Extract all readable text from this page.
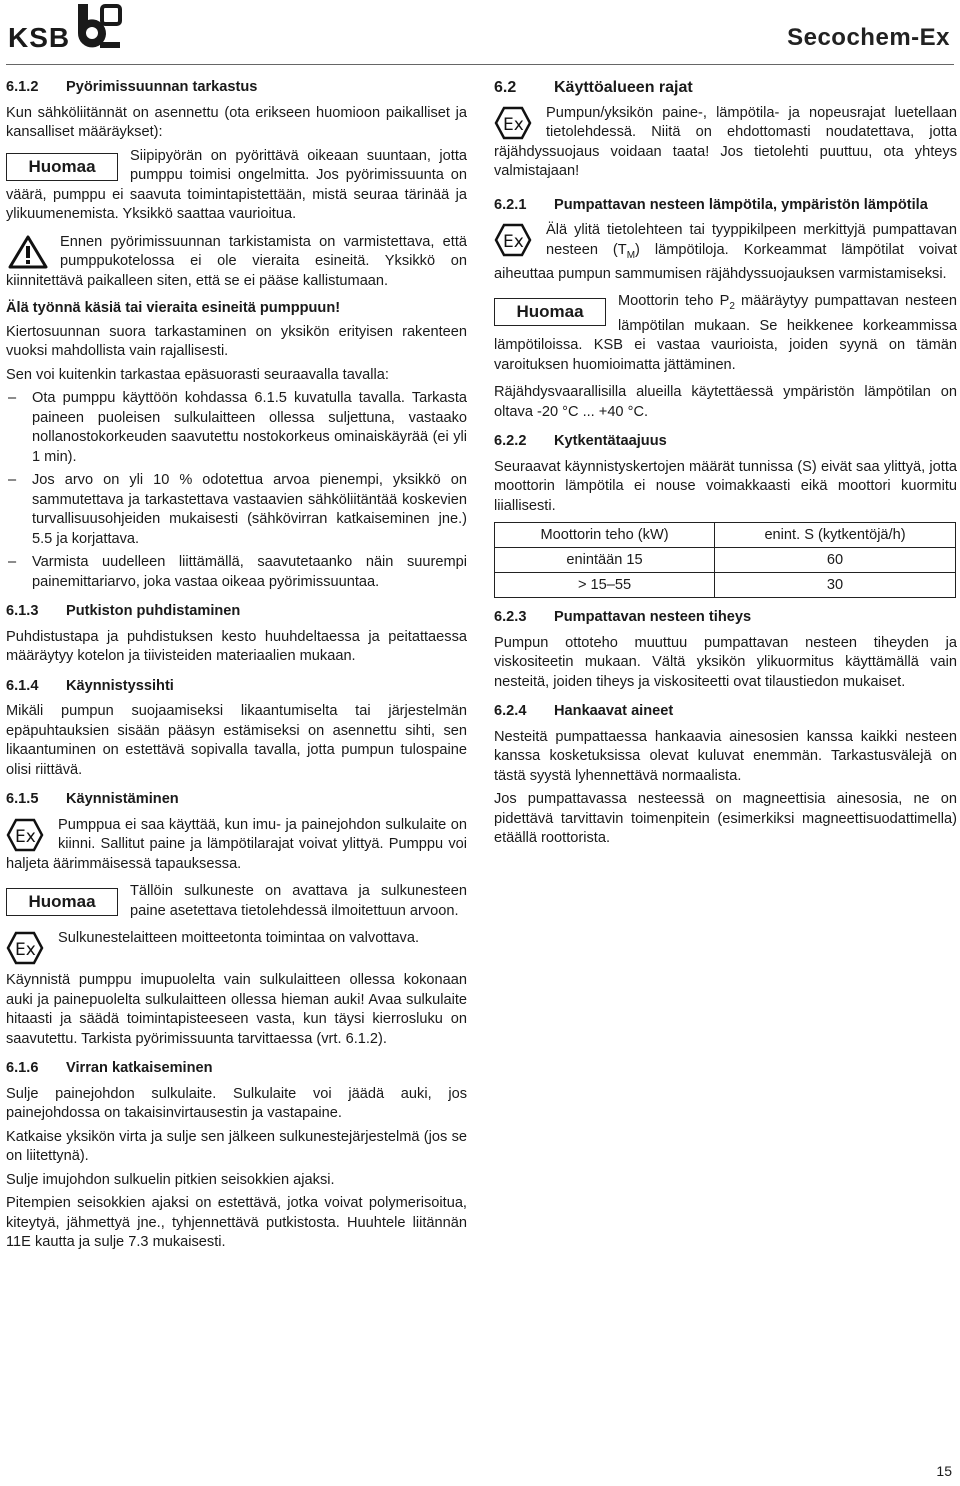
KSB	Secochem-Ex
6.1.2	Pyörimissuunnan tarkastus

Kun sähköliitännät on asennettu (ota erikseen huomioon paikalliset ja kansalliset määräykset):

Huomaa

Siipipyörän on pyörittävä oikeaan suuntaan, jotta pumppu toimisi ongelmitta. Jos pyörimissuunta on väärä, pumppu ei saavuta toimintapistettään, mistä seuraa tärinää ja ylikuumenemista. Yksikkö saattaa vaurioitua.

Ennen pyörimissuunnan tarkistamista on varmistettava, että pumppukotelossa ei ole vieraita esineitä. Yksikkö on kiinnitettävä paikalleen siten, että se ei pääse kallistumaan.

Älä työnnä käsiä tai vieraita esineitä pumppuun!

Kiertosuunnan suora tarkastaminen on yksikön erityisen rakenteen vuoksi mahdollista vain rajallisesti.

Sen voi kuitenkin tarkastaa epäsuorasti seuraavalla tavalla:

– Ota pumppu käyttöön kohdassa 6.1.5 kuvatulla tavalla. Tarkasta paineen puoleisen sulkulaitteen ollessa suljettuna, vastaako nollanostokorkeuden saavutettu nostokorkeus ominaiskäyrää (ei yli 1 min).
– Jos arvo on yli 10 % odotettua arvoa pienempi, yksikkö on sammutettava ja tarkastettava vastaavien sähköliitäntää koskevien turvallisuusohjeiden mukaisesti (sähkövirran katkaiseminen jne.) 5.5 ja korjattava.
– Varmista uudelleen liittämällä, saavutetaanko näin suurempi painemittariarvo, joka vastaa oikeaa pyörimissuuntaa.
6.1.3	Putkiston puhdistaminen

Puhdistustapa ja puhdistuksen kesto huuhdeltaessa ja peitattaessa määräytyy kotelon ja tiivisteiden materiaalien mukaan.

6.1.4	Käynnistyssihti

Mikäli pumpun suojaamiseksi likaantumiselta tai järjestelmän epäpuhtauksien sisään pääsyn estämiseksi on asennettu sihti, sen likaantuminen on estettävä sopivalla tavalla, jotta pumpun tulospaine olisi riittävä.

6.1.5	Käynnistäminen
Ex

Pumppua ei saa käyttää, kun imu- ja painejohdon sulkulaite on kiinni. Sallitut paine ja lämpötilarajat voivat ylittyä. Pumppu voi haljeta äärimmäisessä tapauksessa.

Huomaa

Tällöin sulkuneste on avattava ja sulkunesteen paine asetettava tietolehdessä ilmoitettuun arvoon.

Ex

Sulkunestelaitteen moitteetonta toimintaa on valvottava.

Käynnistä pumppu imupuolelta vain sulkulaitteen ollessa kokonaan auki ja painepuolelta sulkulaitteen ollessa hieman auki! Avaa sulkulaite hitaasti ja säädä toimintapisteeseen vasta, kun täysi kierrosluku on saavutettu. Tarkista pyörimissuunta tarvittaessa (vrt. 6.1.2).

6.1.6	Virran katkaiseminen

Sulje painejohdon sulkulaite. Sulkulaite voi jäädä auki, jos painejohdossa on takaisinvirtausestin ja vastapaine.

Katkaise yksikön virta ja sulje sen jälkeen sulkunestejärjestelmä (jos se on liitettynä).

Sulje imujohdon sulkuelin pitkien seisokkien ajaksi.

Pitempien seisokkien ajaksi on estettävä, jotka voivat polymerisoitua, kiteytyä, jähmettyä jne., tyhjennettävä putkistosta. Huuhtele liitännän 11E kautta ja sulje 7.3 mukaisesti.

6.2	Käyttöalueen rajat
Ex

Pumpun/yksikön paine-, lämpötila- ja nopeusrajat luetellaan tietolehdessä. Niitä on ehdottomasti noudatettava, jotta räjähdyssuojaus voidaan taata! Jos tietolehti puuttuu, ota yhteys valmistajaan!

6.2.1	Pumpattavan nesteen lämpötila, ympäristön lämpötila
Ex

Älä ylitä tietolehteen tai tyyppikilpeen merkittyjä pumpattavan nesteen $(T_M)$ lämpötiloja. Korkeammat lämpötilat voivat aiheuttaa pumpun sammumisen räjähdyssuojauksen varmistamiseksi.

Huomaa

Moottorin teho $P_2$ määräytyy pumpattavan nesteen lämpötilan mukaan. Se heikkenee korkeammissa lämpötiloissa. KSB ei vastaa vaurioista, joiden syynä on tämän varoituksen huomioimatta jättäminen.

Räjähdysvaarallisilla alueilla käytettäessä ympäristön lämpötilan on oltava -20 °C ... +40 °C.

6.2.2	Kytkentätaajuus

Seuraavat käynnistyskertojen määrät tunnissa (S) eivät saa ylittyä, jotta moottorin lämpötila ei nouse voimakkaasti eikä moottori kuormitu liiallisesti.

Moottorin teho (kW)	enint. S (kytkentöjä/h)
enintään 15	60
> 15–55	30
6.2.3	Pumpattavan nesteen tiheys

Pumpun ottoteho muuttuu pumpattavan nesteen tiheyden ja viskositeetin mukaan. Vältä yksikön ylikuormitus käyttämällä vain nesteitä, joiden tiheys ja viskositeetti ovat tilaustiedon mukaiset.

6.2.4	Hankaavat aineet

Nesteitä pumpattaessa hankaavia ainesosien kanssa kaikki nesteen kanssa kosketuksissa olevat kuluvat enemmän. Tarkastusvälejä on tästä syystä lyhennettävä normaalista.

Jos pumpattavassa nesteessä on magneettisia ainesosia, ne on pidettävä tarvittavin toimenpitein (esimerkiksi magneettisuodattimella) etäällä roottorista.

15
